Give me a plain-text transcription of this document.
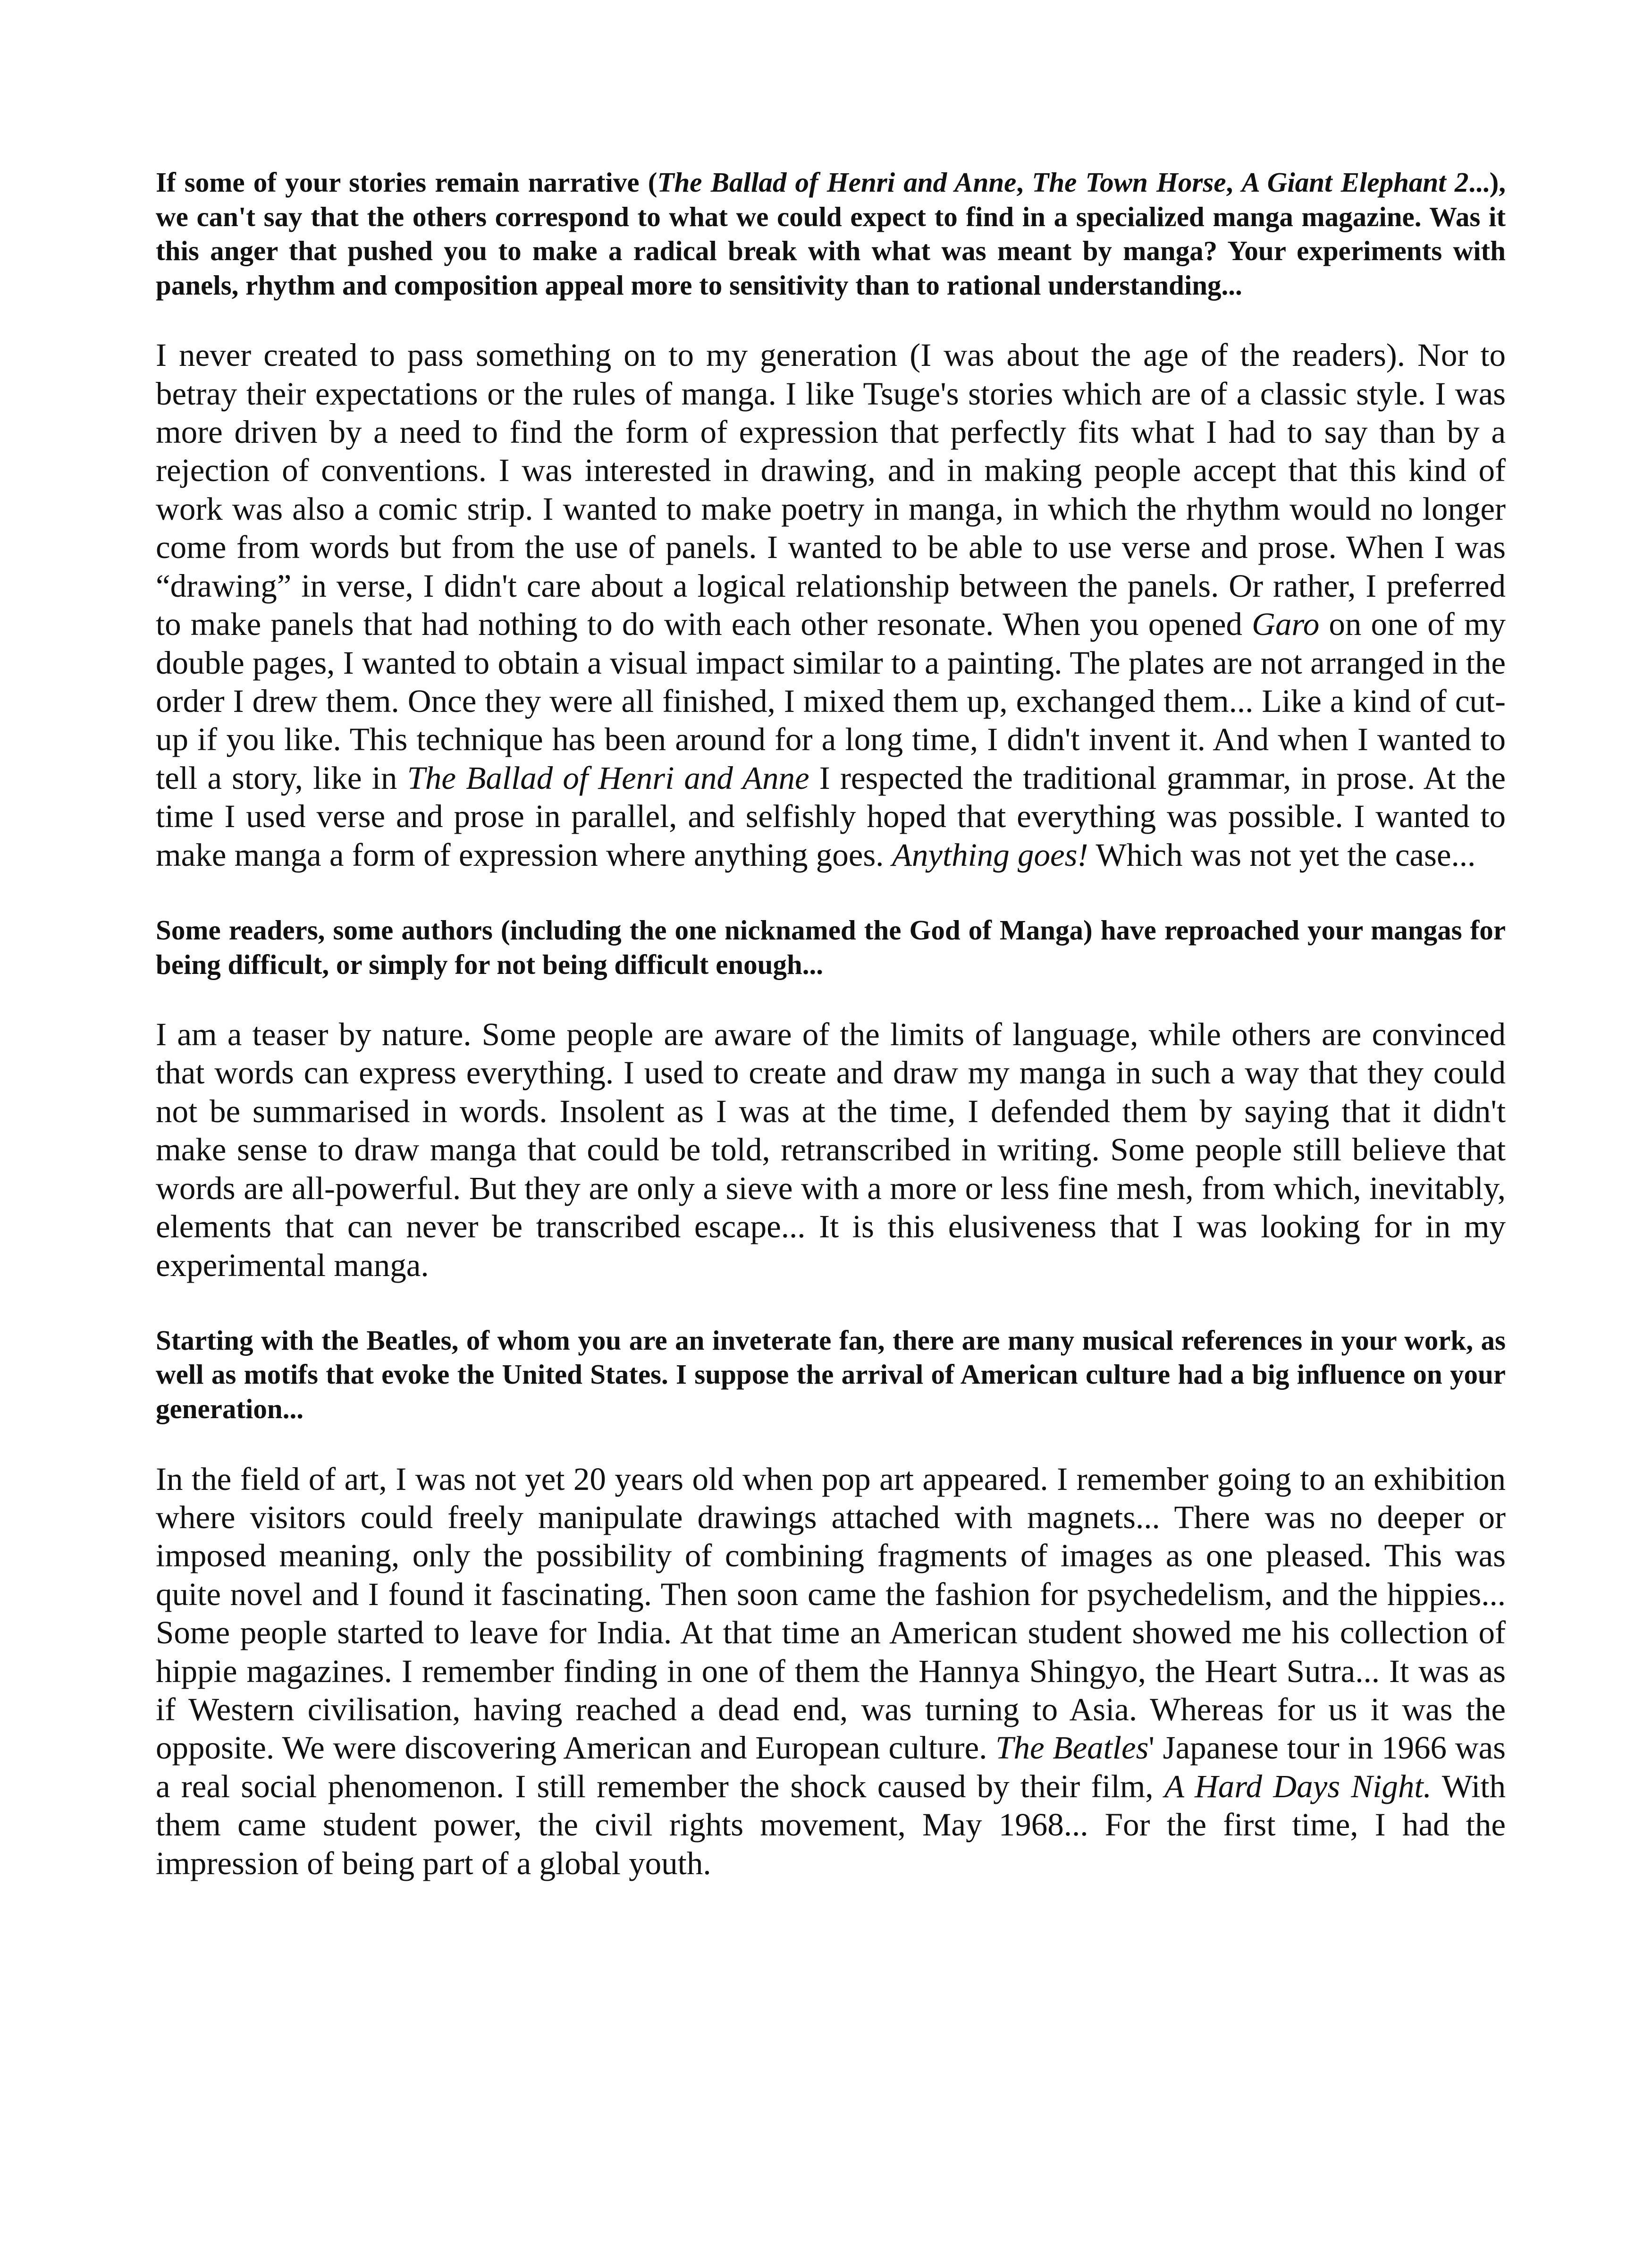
If some of your stories remain narrative (The Ballad of Henri and Anne, The Town Horse, A Giant Elephant 2...), we can't say that the others correspond to what we could expect to find in a specialized manga magazine. Was it this anger that pushed you to make a radical break with what was meant by manga? Your experiments with panels, rhythm and composition appeal more to sensitivity than to rational understanding...

I never created to pass something on to my generation (I was about the age of the readers). Nor to betray their expectations or the rules of manga. I like Tsuge's stories which are of a classic style. I was more driven by a need to find the form of expression that perfectly fits what I had to say than by a rejection of conventions. I was interested in drawing, and in making people accept that this kind of work was also a comic strip. I wanted to make poetry in manga, in which the rhythm would no longer come from words but from the use of panels. I wanted to be able to use verse and prose. When I was “drawing” in verse, I didn't care about a logical relationship between the panels. Or rather, I preferred to make panels that had nothing to do with each other resonate. When you opened Garo on one of my double pages, I wanted to obtain a visual impact similar to a painting. The plates are not arranged in the order I drew them. Once they were all finished, I mixed them up, exchanged them... Like a kind of cut-up if you like. This technique has been around for a long time, I didn't invent it. And when I wanted to tell a story, like in The Ballad of Henri and Anne I respected the traditional grammar, in prose. At the time I used verse and prose in parallel, and selfishly hoped that everything was possible. I wanted to make manga a form of expression where anything goes. Anything goes! Which was not yet the case...

Some readers, some authors (including the one nicknamed the God of Manga) have reproached your mangas for being difficult, or simply for not being difficult enough...

I am a teaser by nature. Some people are aware of the limits of language, while others are convinced that words can express everything. I used to create and draw my manga in such a way that they could not be summarised in words. Insolent as I was at the time, I defended them by saying that it didn't make sense to draw manga that could be told, retranscribed in writing. Some people still believe that words are all-powerful. But they are only a sieve with a more or less fine mesh, from which, inevitably, elements that can never be transcribed escape... It is this elusiveness that I was looking for in my experimental manga.

Starting with the Beatles, of whom you are an inveterate fan, there are many musical references in your work, as well as motifs that evoke the United States. I suppose the arrival of American culture had a big influence on your generation...

In the field of art, I was not yet 20 years old when pop art appeared. I remember going to an exhibition where visitors could freely manipulate drawings attached with magnets... There was no deeper or imposed meaning, only the possibility of combining fragments of images as one pleased. This was quite novel and I found it fascinating. Then soon came the fashion for psychedelism, and the hippies... Some people started to leave for India. At that time an American student showed me his collection of hippie magazines. I remember finding in one of them the Hannya Shingyo, the Heart Sutra... It was as if Western civilisation, having reached a dead end, was turning to Asia. Whereas for us it was the opposite. We were discovering American and European culture. The Beatles' Japanese tour in 1966 was a real social phenomenon. I still remember the shock caused by their film, A Hard Days Night. With them came student power, the civil rights movement, May 1968... For the first time, I had the impression of being part of a global youth.
